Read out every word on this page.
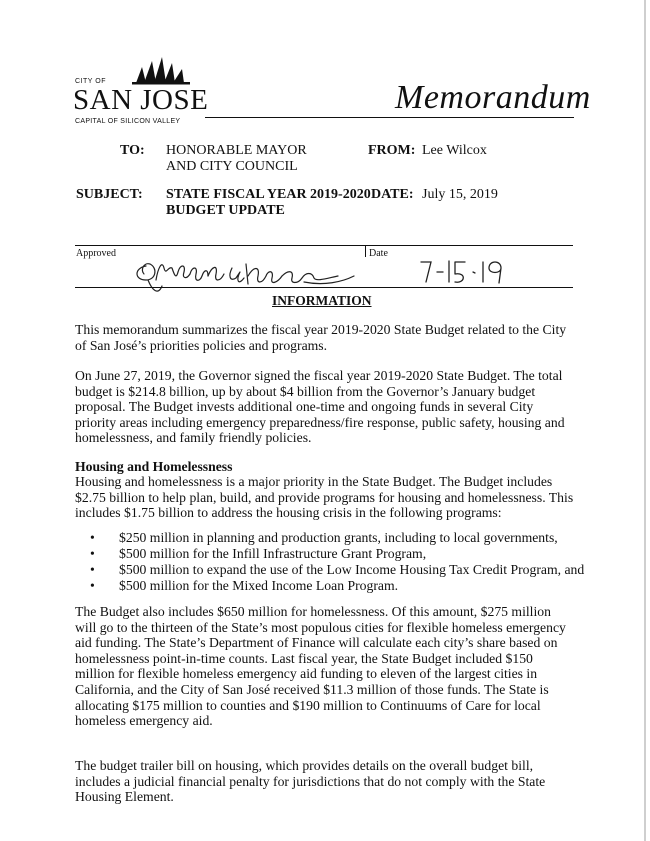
CITY OF
SAN JOSE
CAPITAL OF SILICON VALLEY
Memorandum
TO: HONORABLE MAYOR
AND CITY COUNCIL
FROM: Lee Wilcox
SUBJECT: STATE FISCAL YEAR 2019-2020
BUDGET UPDATE
DATE: July 15, 2019
Approved	Date
INFORMATION

This memorandum summarizes the fiscal year 2019-2020 State Budget related to the City of San José’s priorities policies and programs.

On June 27, 2019, the Governor signed the fiscal year 2019-2020 State Budget. The total budget is $214.8 billion, up by about $4 billion from the Governor’s January budget proposal. The Budget invests additional one-time and ongoing funds in several City priority areas including emergency preparedness/fire response, public safety, housing and homelessness, and family friendly policies.

Housing and Homelessness

Housing and homelessness is a major priority in the State Budget. The Budget includes $2.75 billion to help plan, build, and provide programs for housing and homelessness. This includes $1.75 billion to address the housing crisis in the following programs:

•	$250 million in planning and production grants, including to local governments,
•	$500 million for the Infill Infrastructure Grant Program,
•	$500 million to expand the use of the Low Income Housing Tax Credit Program, and
•	$500 million for the Mixed Income Loan Program.

The Budget also includes $650 million for homelessness. Of this amount, $275 million will go to the thirteen of the State’s most populous cities for flexible homeless emergency aid funding. The State’s Department of Finance will calculate each city’s share based on homelessness point-in-time counts. Last fiscal year, the State Budget included $150 million for flexible homeless emergency aid funding to eleven of the largest cities in California, and the City of San José received $11.3 million of those funds. The State is allocating $175 million to counties and $190 million to Continuums of Care for local homeless emergency aid.

The budget trailer bill on housing, which provides details on the overall budget bill, includes a judicial financial penalty for jurisdictions that do not comply with the State Housing Element.
